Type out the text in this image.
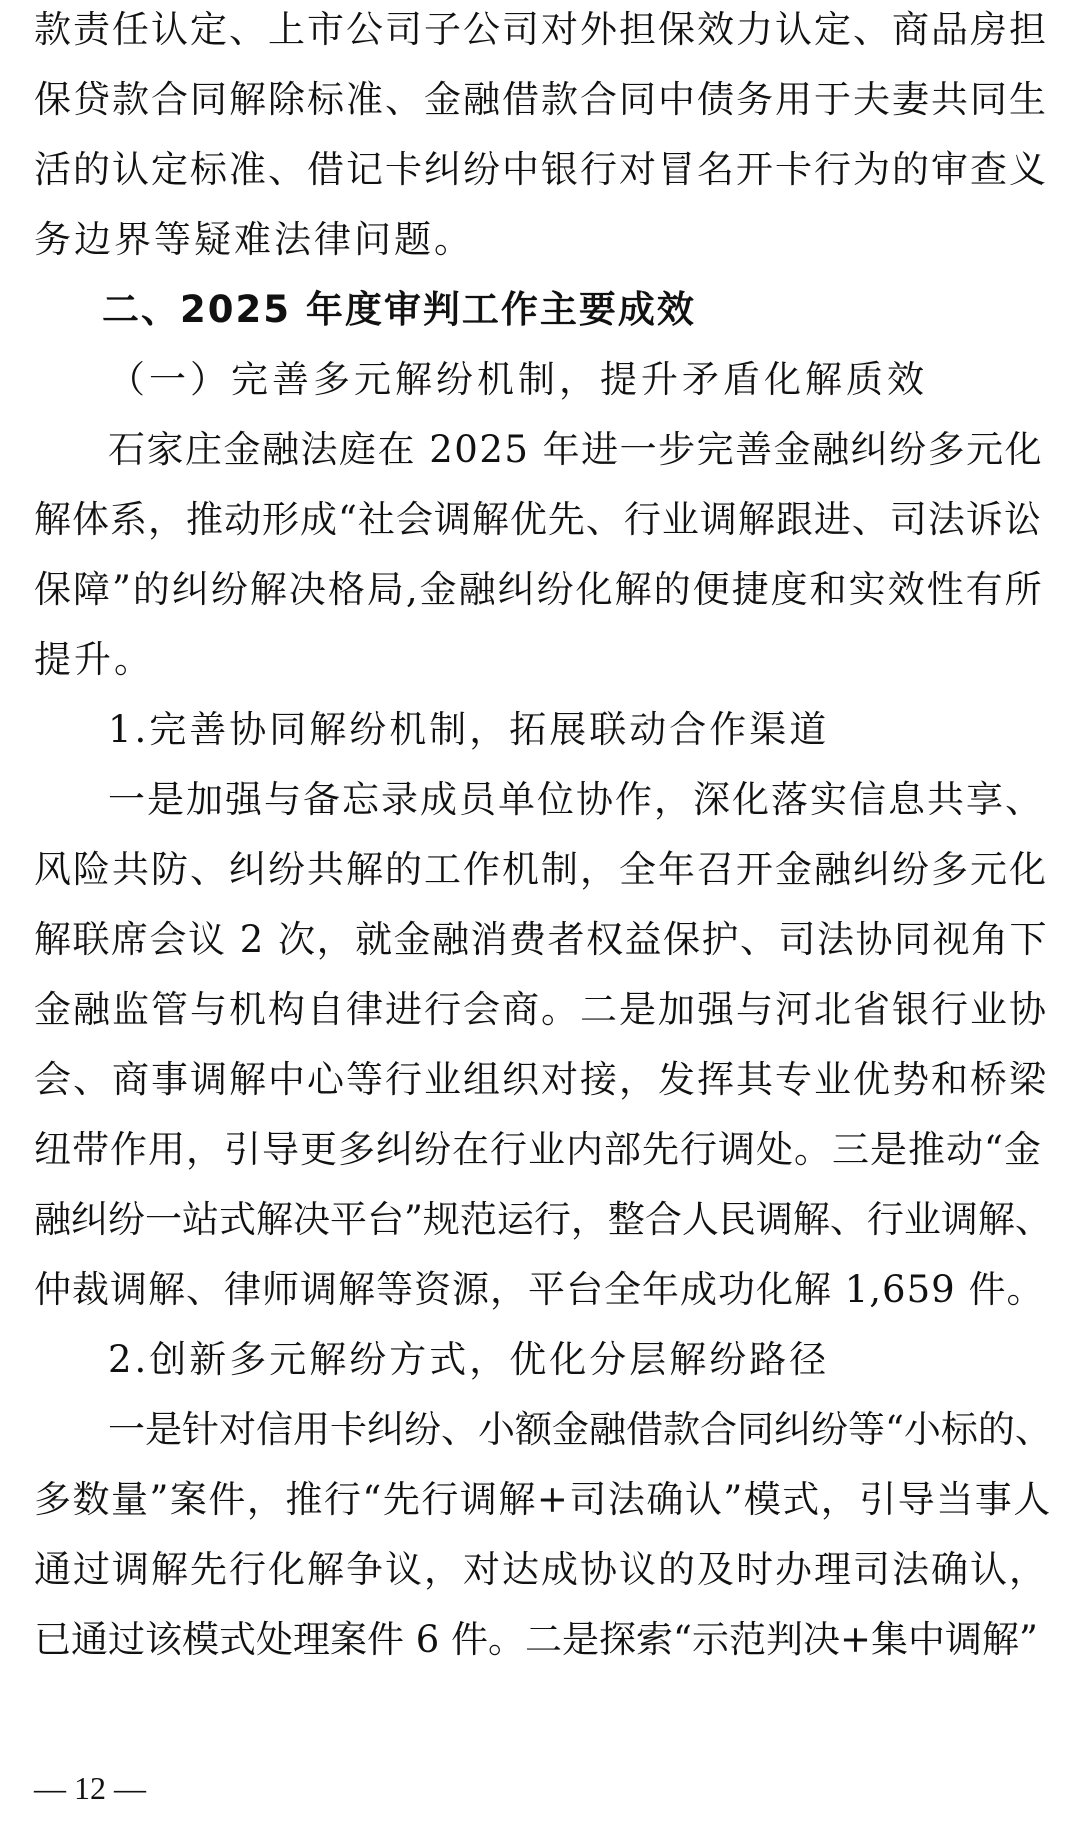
款责任认定、上市公司子公司对外担保效力认定、商品房担
保贷款合同解除标准、金融借款合同中债务用于夫妻共同生
活的认定标准、借记卡纠纷中银行对冒名开卡行为的审查义
务边界等疑难法律问题。
二、2025 年度审判工作主要成效
（一）完善多元解纷机制，提升矛盾化解质效
石家庄金融法庭在 2025 年进一步完善金融纠纷多元化
解体系，推动形成“社会调解优先、行业调解跟进、司法诉讼
保障”的纠纷解决格局,金融纠纷化解的便捷度和实效性有所
提升。
1.完善协同解纷机制，拓展联动合作渠道
一是加强与备忘录成员单位协作，深化落实信息共享、
风险共防、纠纷共解的工作机制，全年召开金融纠纷多元化
解联席会议 2 次，就金融消费者权益保护、司法协同视角下
金融监管与机构自律进行会商。二是加强与河北省银行业协
会、商事调解中心等行业组织对接，发挥其专业优势和桥梁
纽带作用，引导更多纠纷在行业内部先行调处。三是推动“金
融纠纷一站式解决平台”规范运行，整合人民调解、行业调解、
仲裁调解、律师调解等资源，平台全年成功化解 1,659 件。
2.创新多元解纷方式，优化分层解纷路径
一是针对信用卡纠纷、小额金融借款合同纠纷等“小标的、
多数量”案件，推行“先行调解+司法确认”模式，引导当事人
通过调解先行化解争议，对达成协议的及时办理司法确认，
已通过该模式处理案件 6 件。二是探索“示范判决+集中调解”
— 12 —
